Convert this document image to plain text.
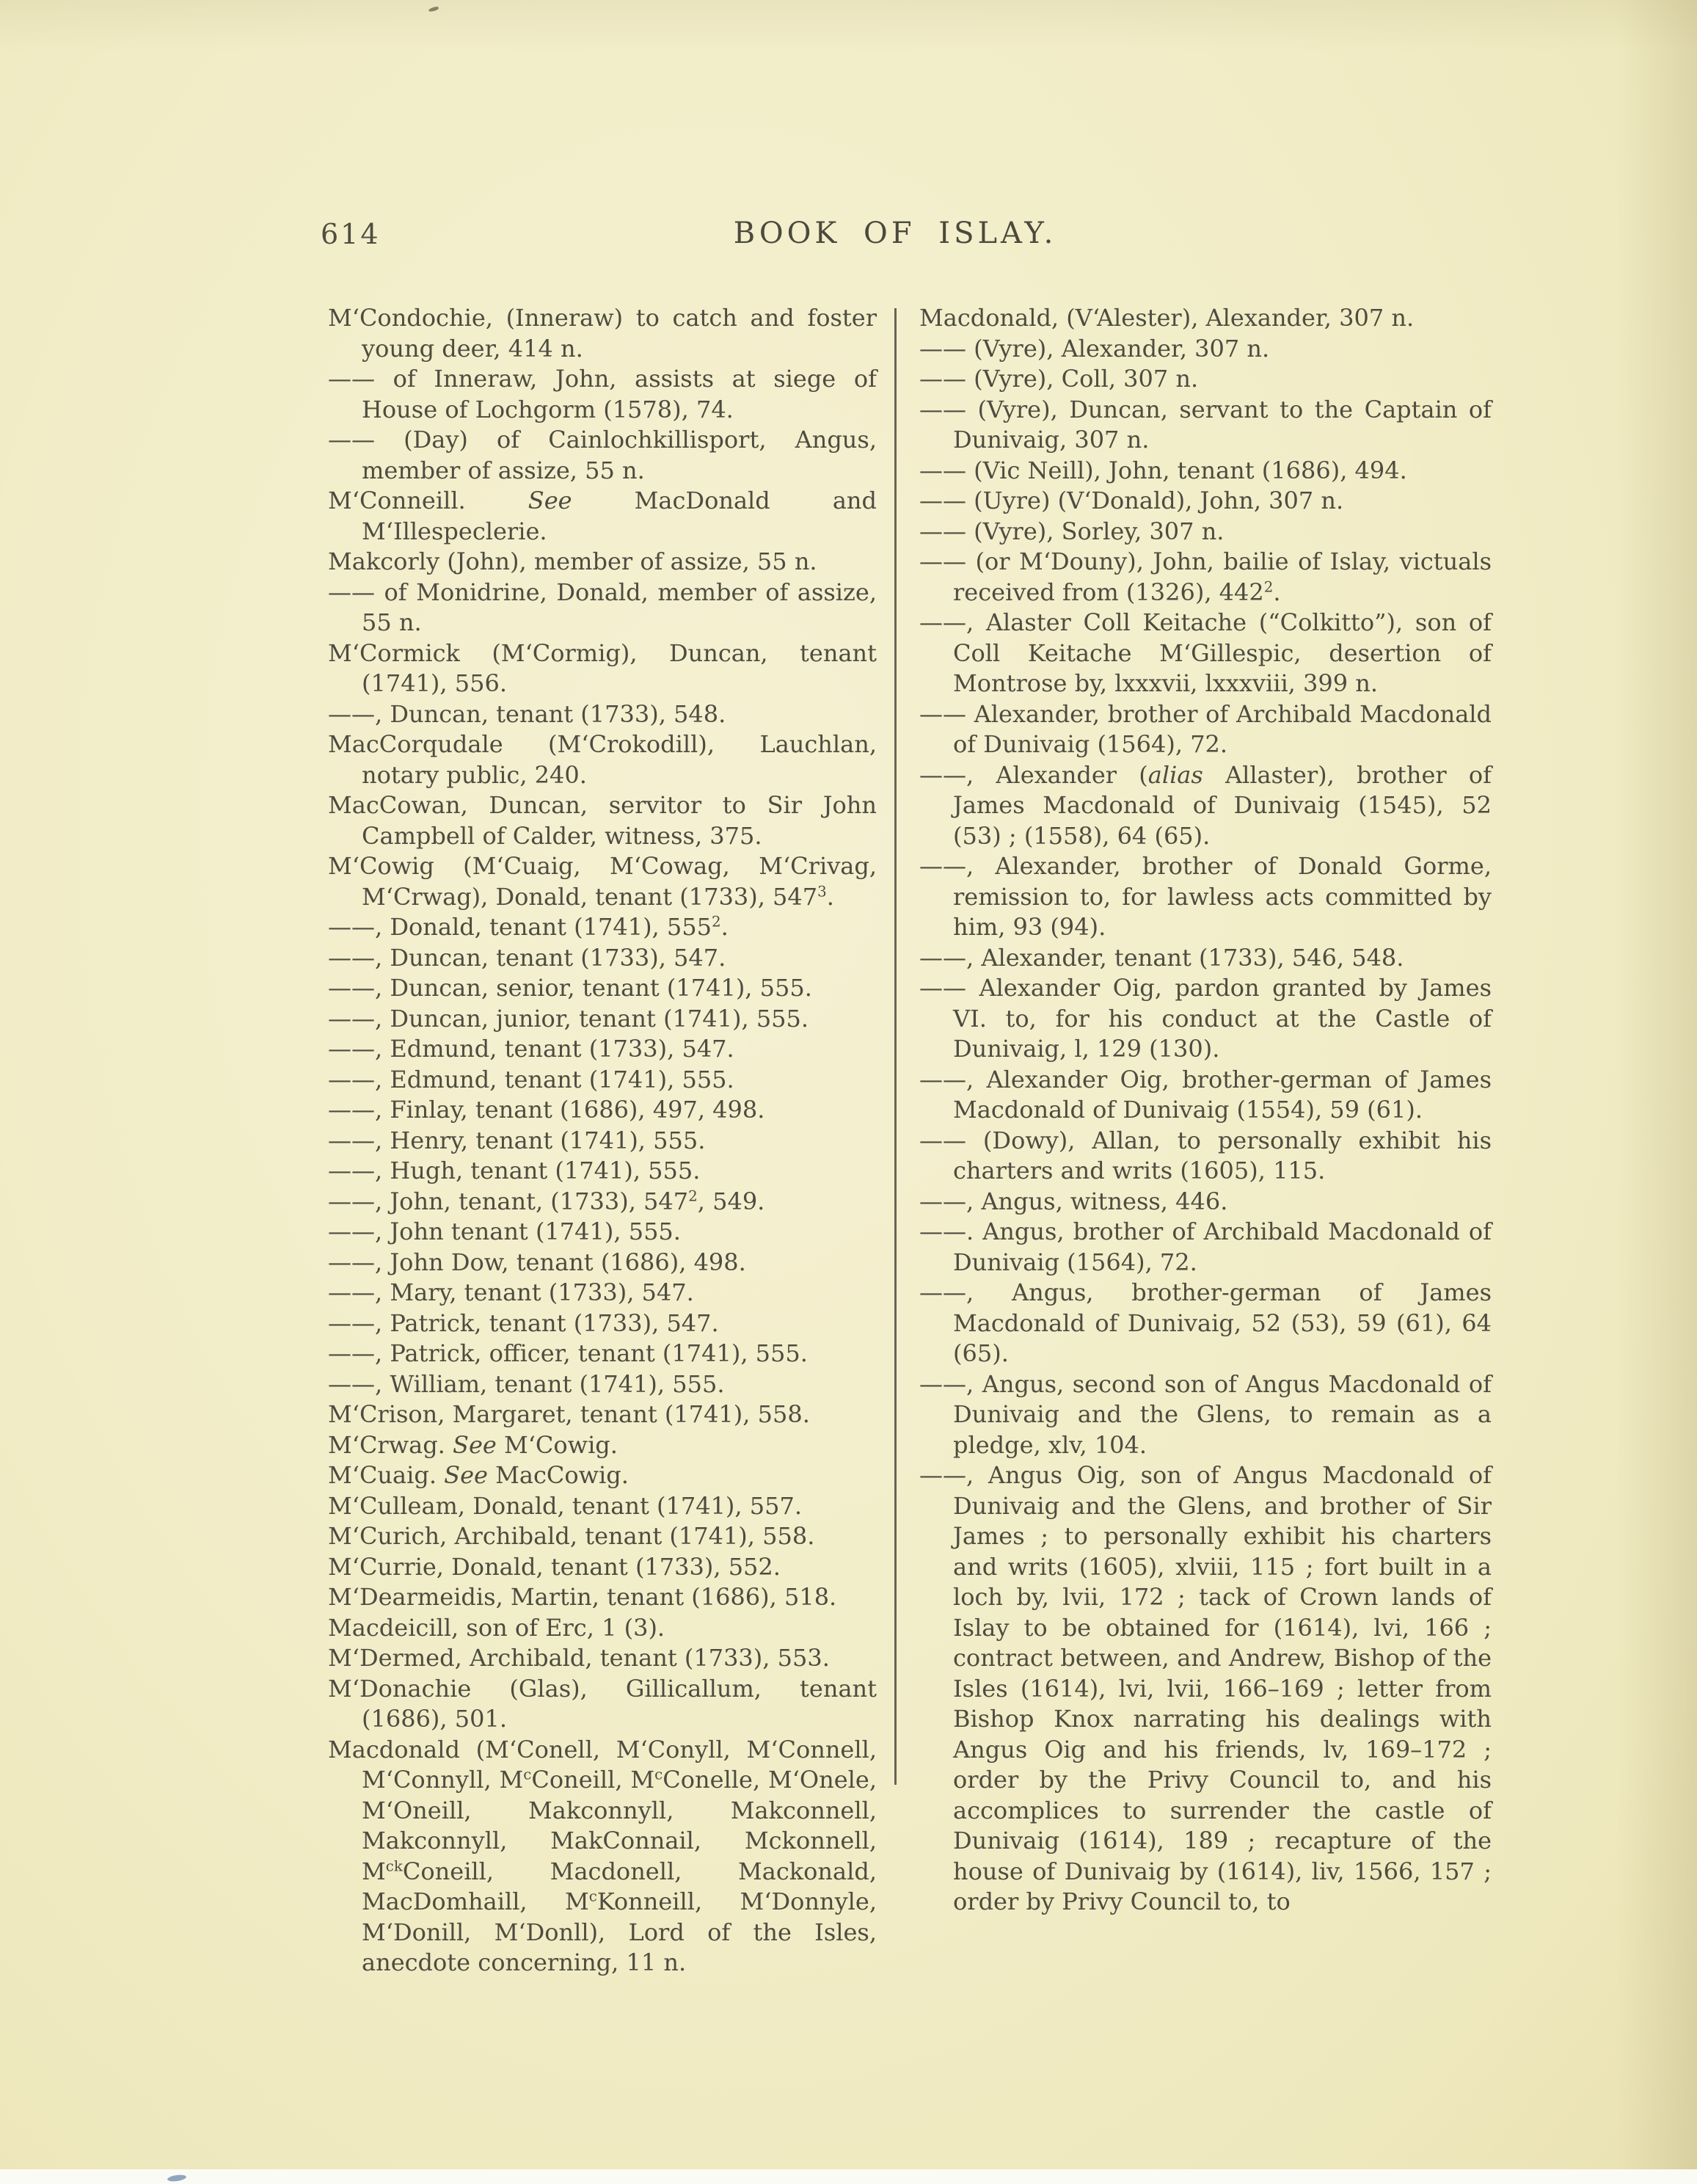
614	BOOK OF ISLAY.

M‘Condochie, (Inneraw) to catch and foster young deer, 414 n.

—— of Inneraw, John, assists at siege of House of Lochgorm (1578), 74.

—— (Day) of Cainlochkillisport, Angus, member of assize, 55 n.

M‘Conneill. See MacDonald and M‘Illespeclerie.

Makcorly (John), member of assize, 55 n.

—— of Monidrine, Donald, member of assize, 55 n.

M‘Cormick (M‘Cormig), Duncan, tenant (1741), 556.

——, Duncan, tenant (1733), 548.

MacCorqudale (M‘Crokodill), Lauchlan, notary public, 240.

MacCowan, Duncan, servitor to Sir John Campbell of Calder, witness, 375.

M‘Cowig (M‘Cuaig, M‘Cowag, M‘Crivag, M‘Crwag), Donald, tenant (1733), $547^3$.

——, Donald, tenant (1741), $555^2$.

——, Duncan, tenant (1733), 547.

——, Duncan, senior, tenant (1741), 555.

——, Duncan, junior, tenant (1741), 555.

——, Edmund, tenant (1733), 547.

——, Edmund, tenant (1741), 555.

——, Finlay, tenant (1686), 497, 498.

——, Henry, tenant (1741), 555.

——, Hugh, tenant (1741), 555.

——, John, tenant, (1733), $547^2$, 549.

——, John tenant (1741), 555.

——, John Dow, tenant (1686), 498.

——, Mary, tenant (1733), 547.

——, Patrick, tenant (1733), 547.

——, Patrick, officer, tenant (1741), 555.

——, William, tenant (1741), 555.

M‘Crison, Margaret, tenant (1741), 558.

M‘Crwag. See M‘Cowig.

M‘Cuaig. See MacCowig.

M‘Culleam, Donald, tenant (1741), 557.

M‘Curich, Archibald, tenant (1741), 558.

M‘Currie, Donald, tenant (1733), 552.

M‘Dearmeidis, Martin, tenant (1686), 518.

Macdeicill, son of Erc, 1 (3).

M‘Dermed, Archibald, tenant (1733), 553.

M‘Donachie (Glas), Gillicallum, tenant (1686), 501.

Macdonald (M‘Conell, M‘Conyll, M‘Connell, M‘Connyll, $M^cConeill$, $M^cConelle$, M‘Onele, M‘Oneill, Makconnyll, Makconnell, Makconnyll, MakConnail, Mckonnell, $M^{ck}Coneill$, Macdonell, Mackonald, MacDomhaill, $M^cKonneill$, M‘Donnyle, M‘Donill, M‘Donll), Lord of the Isles, anecdote concerning, 11 n.

Macdonald, (V‘Alester), Alexander, 307 n.

—— (Vyre), Alexander, 307 n.

—— (Vyre), Coll, 307 n.

—— (Vyre), Duncan, servant to the Captain of Dunivaig, 307 n.

—— (Vic Neill), John, tenant (1686), 494.

—— (Uyre) (V‘Donald), John, 307 n.

—— (Vyre), Sorley, 307 n.

—— (or M‘Douny), John, bailie of Islay, victuals received from (1326), $442^2$.

——, Alaster Coll Keitache (“Colkitto”), son of Coll Keitache M‘Gillespic, desertion of Montrose by, lxxxvii, lxxxviii, 399 n.

—— Alexander, brother of Archibald Macdonald of Dunivaig (1564), 72.

——, Alexander (alias Allaster), brother of James Macdonald of Dunivaig (1545), 52 (53) ; (1558), 64 (65).

——, Alexander, brother of Donald Gorme, remission to, for lawless acts committed by him, 93 (94).

——, Alexander, tenant (1733), 546, 548.

—— Alexander Oig, pardon granted by James VI. to, for his conduct at the Castle of Dunivaig, l, 129 (130).

——, Alexander Oig, brother-german of James Macdonald of Dunivaig (1554), 59 (61).

—— (Dowy), Allan, to personally exhibit his charters and writs (1605), 115.

——, Angus, witness, 446.

——. Angus, brother of Archibald Macdonald of Dunivaig (1564), 72.

——, Angus, brother-german of James Macdonald of Dunivaig, 52 (53), 59 (61), 64 (65).

——, Angus, second son of Angus Macdonald of Dunivaig and the Glens, to remain as a pledge, xlv, 104.

——, Angus Oig, son of Angus Macdonald of Dunivaig and the Glens, and brother of Sir James ; to personally exhibit his charters and writs (1605), xlviii, 115 ; fort built in a loch by, lvii, 172 ; tack of Crown lands of Islay to be obtained for (1614), lvi, 166 ; contract between, and Andrew, Bishop of the Isles (1614), lvi, lvii, 166–169 ; letter from Bishop Knox narrating his dealings with Angus Oig and his friends, lv, 169–172 ; order by the Privy Council to, and his accomplices to surrender the castle of Dunivaig (1614), 189 ; recapture of the house of Dunivaig by (1614), liv, 1566, 157 ; order by Privy Council to, to
